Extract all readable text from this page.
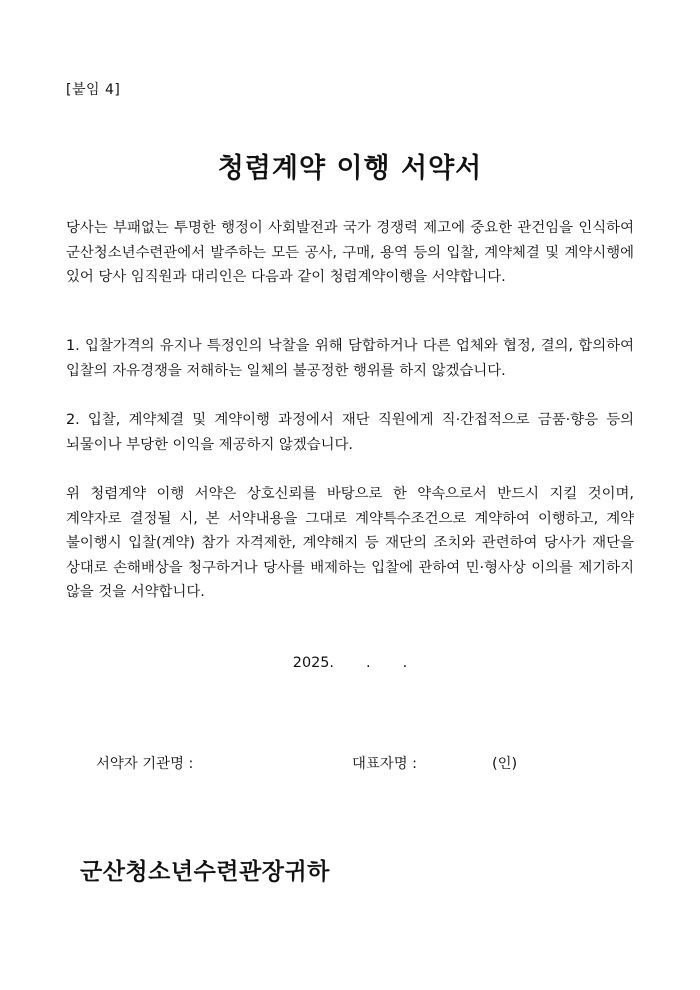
[붙임 4]
청렴계약 이행 서약서
당사는 부패없는 투명한 행정이 사회발전과 국가 경쟁력 제고에 중요한 관건임을 인식하여 군산청소년수련관에서 발주하는 모든 공사, 구매, 용역 등의 입찰, 계약체결 및 계약시행에 있어 당사 임직원과 대리인은 다음과 같이 청렴계약이행을 서약합니다.
1. 입찰가격의 유지나 특정인의 낙찰을 위해 담합하거나 다른 업체와 협정, 결의, 합의하여 입찰의 자유경쟁을 저해하는 일체의 불공정한 행위를 하지 않겠습니다.
2. 입찰, 계약체결 및 계약이행 과정에서 재단 직원에게 직·간접적으로 금품·향응 등의 뇌물이나 부당한 이익을 제공하지 않겠습니다.
위 청렴계약 이행 서약은 상호신뢰를 바탕으로 한 약속으로서 반드시 지킬 것이며, 계약자로 결정될 시, 본 서약내용을 그대로 계약특수조건으로 계약하여 이행하고, 계약 불이행시 입찰(계약) 참가 자격제한, 계약해지 등 재단의 조치와 관련하여 당사가 재단을 상대로 손해배상을 청구하거나 당사를 배제하는 입찰에 관하여 민·형사상 이의를 제기하지 않을 것을 서약합니다.
2025.       .       .
서약자 기관명 :	대표자명 :	(인)
군산청소년수련관장귀하
